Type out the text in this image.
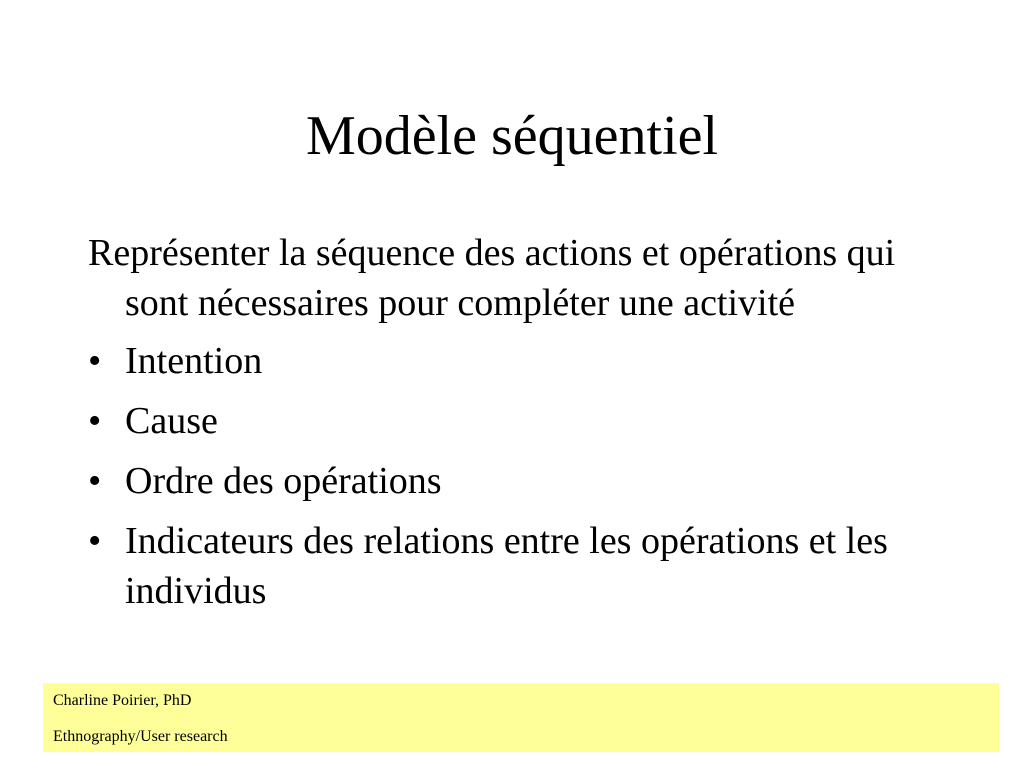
Modèle séquentiel

Représenter la séquence des actions et opérations qui sont nécessaires pour compléter une activité

• Intention
• Cause
• Ordre des opérations
• Indicateurs des relations entre les opérations et les individus
Charline Poirier, PhD
Ethnography/User research
